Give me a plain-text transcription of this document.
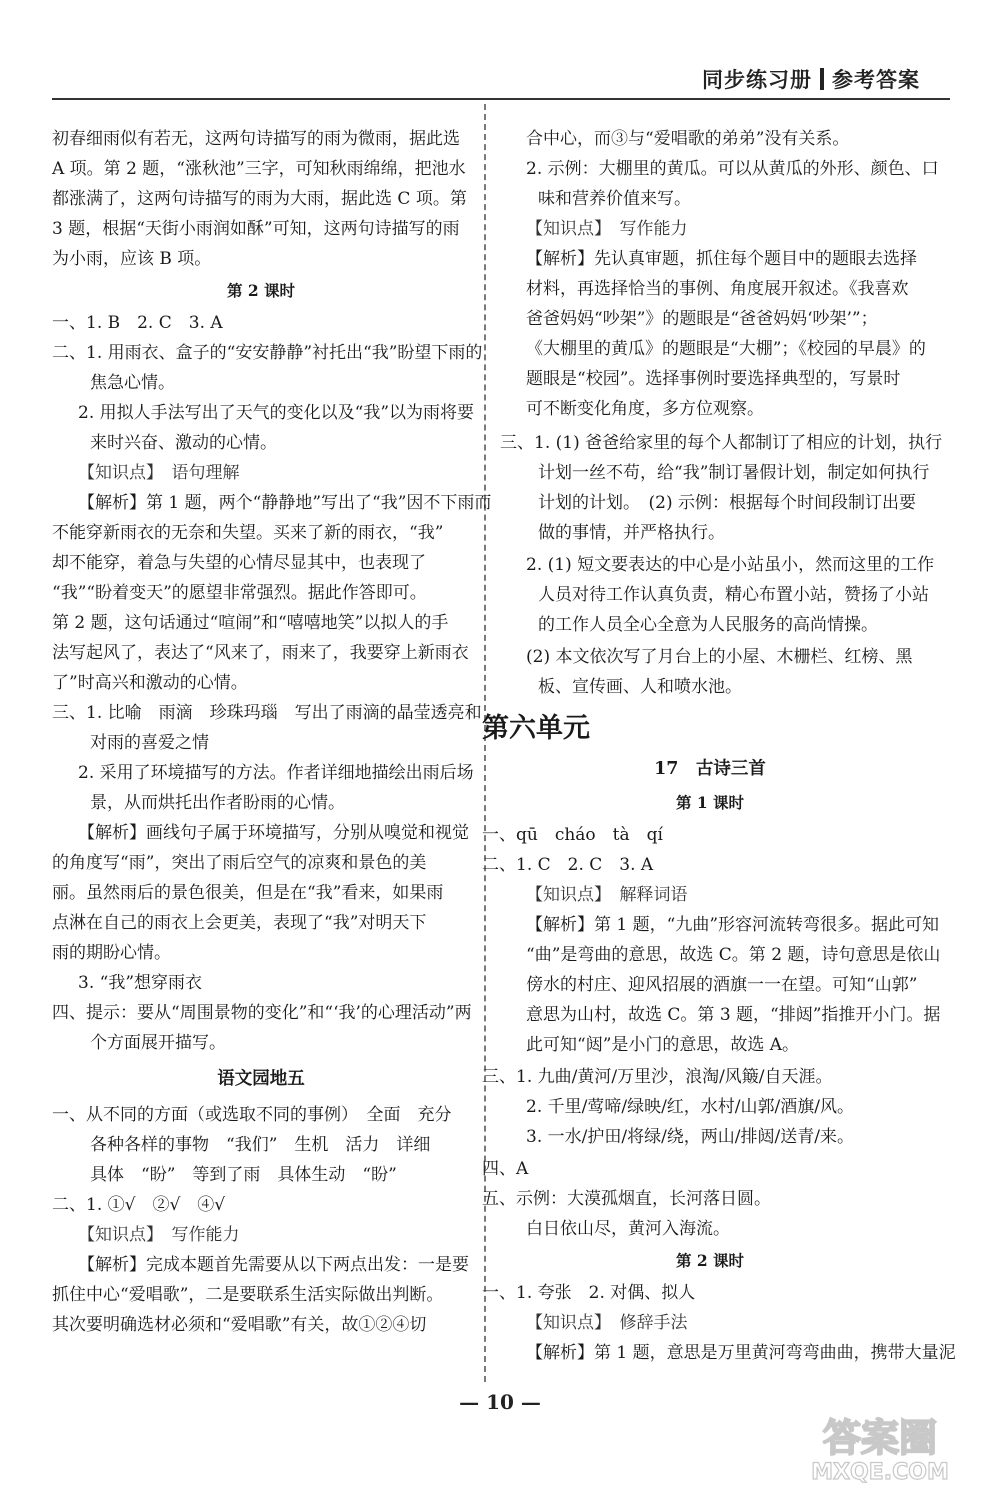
同步练习册 参考答案
初春细雨似有若无，这两句诗描写的雨为微雨，据此选
A 项。第 2 题，“涨秋池”三字，可知秋雨绵绵，把池水
都涨满了，这两句诗描写的雨为大雨，据此选 C 项。第
3 题，根据“天街小雨润如酥”可知，这两句诗描写的雨
为小雨，应该 B 项。
第 2 课时
一、1. B　2. C　3. A
二、1. 用雨衣、盒子的“安安静静”衬托出“我”盼望下雨的
焦急心情。
2. 用拟人手法写出了天气的变化以及“我”以为雨将要
来时兴奋、激动的心情。
【知识点】　语句理解
【解析】第 1 题，两个“静静地”写出了“我”因不下雨而
不能穿新雨衣的无奈和失望。买来了新的雨衣，“我”
却不能穿，着急与失望的心情尽显其中，也表现了
“我”“盼着变天”的愿望非常强烈。据此作答即可。
第 2 题，这句话通过“喧闹”和“嘻嘻地笑”以拟人的手
法写起风了，表达了“风来了，雨来了，我要穿上新雨衣
了”时高兴和激动的心情。
三、1. 比喻　雨滴　珍珠玛瑙　写出了雨滴的晶莹透亮和
对雨的喜爱之情
2. 采用了环境描写的方法。作者详细地描绘出雨后场
景，从而烘托出作者盼雨的心情。
【解析】画线句子属于环境描写，分别从嗅觉和视觉
的角度写“雨”，突出了雨后空气的凉爽和景色的美
丽。虽然雨后的景色很美，但是在“我”看来，如果雨
点淋在自己的雨衣上会更美，表现了“我”对明天下
雨的期盼心情。
3. “我”想穿雨衣
四、提示：要从“周围景物的变化”和“‘我’的心理活动”两
个方面展开描写。
语文园地五
一、从不同的方面（或选取不同的事例）　全面　充分
各种各样的事物　“我们”　生机　活力　详细
具体　“盼”　等到了雨　具体生动　“盼”
二、1. ①√　②√　④√
【知识点】　写作能力
【解析】完成本题首先需要从以下两点出发：一是要
抓住中心“爱唱歌”，二是要联系生活实际做出判断。
其次要明确选材必须和“爱唱歌”有关，故①②④切
合中心，而③与“爱唱歌的弟弟”没有关系。
2. 示例：大棚里的黄瓜。可以从黄瓜的外形、颜色、口
味和营养价值来写。
【知识点】　写作能力
【解析】先认真审题，抓住每个题目中的题眼去选择
材料，再选择恰当的事例、角度展开叙述。《我喜欢
爸爸妈妈“吵架”》的题眼是“爸爸妈妈‘吵架’”；
《大棚里的黄瓜》的题眼是“大棚”；《校园的早晨》的
题眼是“校园”。选择事例时要选择典型的，写景时
可不断变化角度，多方位观察。
三、1. (1) 爸爸给家里的每个人都制订了相应的计划，执行
计划一丝不苟，给“我”制订暑假计划，制定如何执行
计划的计划。　(2) 示例：根据每个时间段制订出要
做的事情，并严格执行。
2. (1) 短文要表达的中心是小站虽小，然而这里的工作
人员对待工作认真负责，精心布置小站，赞扬了小站
的工作人员全心全意为人民服务的高尚情操。
(2) 本文依次写了月台上的小屋、木栅栏、红榜、黑
板、宣传画、人和喷水池。
第六单元
17　古诗三首
第 1 课时
一、qū　cháo　tà　qí
二、1. C　2. C　3. A
【知识点】　解释词语
【解析】第 1 题，“九曲”形容河流转弯很多。据此可知
“曲”是弯曲的意思，故选 C。第 2 题，诗句意思是依山
傍水的村庄、迎风招展的酒旗一一在望。可知“山郭”
意思为山村，故选 C。第 3 题，“排闼”指推开小门。据
此可知“闼”是小门的意思，故选 A。
三、1. 九曲/黄河/万里沙，浪淘/风簸/自天涯。
2. 千里/莺啼/绿映/红，水村/山郭/酒旗/风。
3. 一水/护田/将绿/绕，两山/排闼/送青/来。
四、A
五、示例：大漠孤烟直，长河落日圆。
白日依山尽，黄河入海流。
第 2 课时
一、1. 夸张　2. 对偶、拟人
【知识点】　修辞手法
【解析】第 1 题，意思是万里黄河弯弯曲曲，携带大量泥
— 10 —
答案圈
MXQE.COM
